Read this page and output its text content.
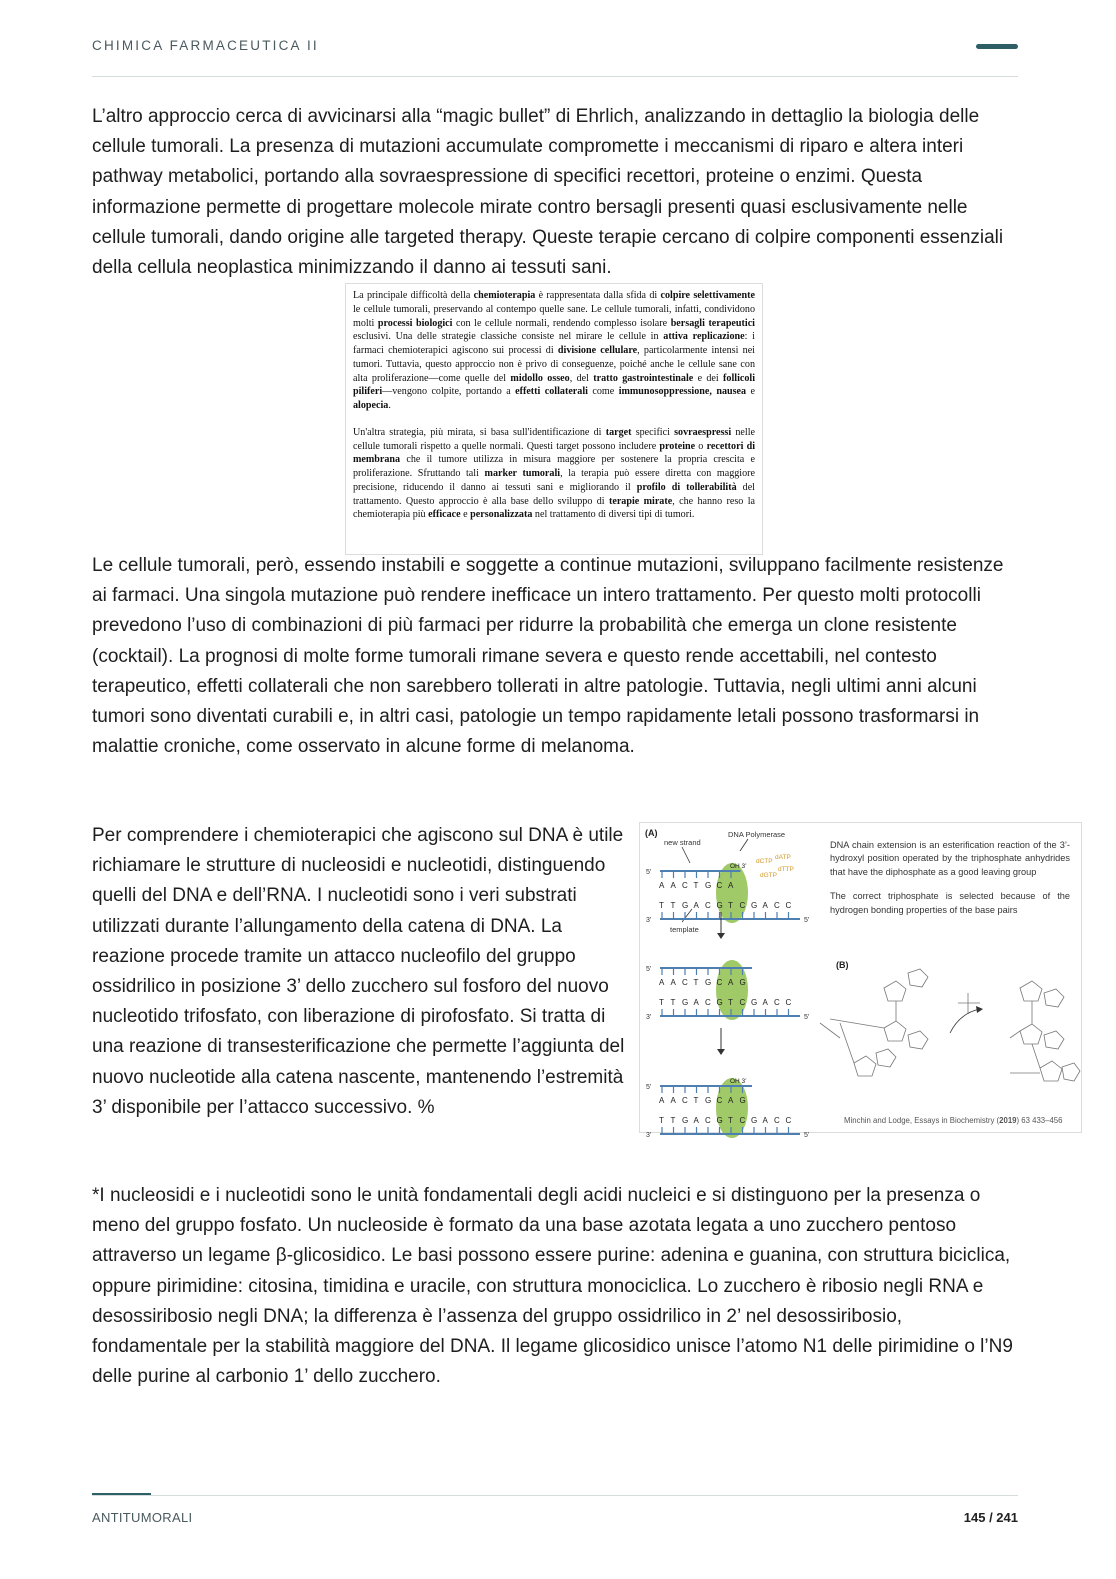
CHIMICA FARMACEUTICA II

L’altro approccio cerca di avvicinarsi alla “magic bullet” di Ehrlich, analizzando in dettaglio la biologia delle cellule tumorali. La presenza di mutazioni accumulate compromette i meccanismi di riparo e altera interi pathway metabolici, portando alla sovraespressione di specifici recettori, proteine o enzimi. Questa informazione permette di progettare molecole mirate contro bersagli presenti quasi esclusivamente nelle cellule tumorali, dando origine alle targeted therapy. Queste terapie cercano di colpire componenti essenziali della cellula neoplastica minimizzando il danno ai tessuti sani.

La principale difficoltà della chemioterapia è rappresentata dalla sfida di colpire selettivamente le cellule tumorali, preservando al contempo quelle sane. Le cellule tumorali, infatti, condividono molti processi biologici con le cellule normali, rendendo complesso isolare bersagli terapeutici esclusivi. Una delle strategie classiche consiste nel mirare le cellule in attiva replicazione: i farmaci chemioterapici agiscono sui processi di divisione cellulare, particolarmente intensi nei tumori. Tuttavia, questo approccio non è privo di conseguenze, poiché anche le cellule sane con alta proliferazione—come quelle del midollo osseo, del tratto gastrointestinale e dei follicoli piliferi—vengono colpite, portando a effetti collaterali come immunosoppressione, nausea e alopecia.

Un'altra strategia, più mirata, si basa sull'identificazione di target specifici sovraespressi nelle cellule tumorali rispetto a quelle normali. Questi target possono includere proteine o recettori di membrana che il tumore utilizza in misura maggiore per sostenere la propria crescita e proliferazione. Sfruttando tali marker tumorali, la terapia può essere diretta con maggiore precisione, riducendo il danno ai tessuti sani e migliorando il profilo di tollerabilità del trattamento. Questo approccio è alla base dello sviluppo di terapie mirate, che hanno reso la chemioterapia più efficace e personalizzata nel trattamento di diversi tipi di tumori.

Le cellule tumorali, però, essendo instabili e soggette a continue mutazioni, sviluppano facilmente resistenze ai farmaci. Una singola mutazione può rendere inefficace un intero trattamento. Per questo molti protocolli prevedono l’uso di combinazioni di più farmaci per ridurre la probabilità che emerga un clone resistente (cocktail). La prognosi di molte forme tumorali rimane severa e questo rende accettabili, nel contesto terapeutico, effetti collaterali che non sarebbero tollerati in altre patologie. Tuttavia, negli ultimi anni alcuni tumori sono diventati curabili e, in altri casi, patologie un tempo rapidamente letali possono trasformarsi in malattie croniche, come osservato in alcune forme di melanoma.

Per comprendere i chemioterapici che agiscono sul DNA è utile richiamare le strutture di nucleosidi e nucleotidi, distinguendo quelli del DNA e dell’RNA. I nucleotidi sono i veri substrati utilizzati durante l’allungamento della catena di DNA. La reazione procede tramite un attacco nucleofilo del gruppo ossidrilico in posizione 3’ dello zucchero sul fosforo del nuovo nucleotido trifosfato, con liberazione di pirofosfato. Si tratta di una reazione di transesterificazione che permette l’aggiunta del nuovo nucleotide alla catena nascente, mantenendo l’estremità 3’ disponibile per l’attacco successivo. %

(A)
new strand
DNA Polymerase
template
dATP
dCTP
dTTP
dGTP
A A C T G C A
T T G A C G T C G A C C
5'
3'	5'
OH 3’
A A C T G C A G
T T G A C G T C G A C C
5'
3'	5'
A A C T G C A G
T T G A C G T C G A C C
5'
3'	5'
OH 3’
(B)

DNA chain extension is an esterification reaction of the 3’-hydroxyl position operated by the triphosphate anhydrides that have the diphosphate as a good leaving group

The correct triphosphate is selected because of the hydrogen bonding properties of the base pairs

Minchin and Lodge, Essays in Biochemistry (2019) 63 433–456

*I nucleosidi e i nucleotidi sono le unità fondamentali degli acidi nucleici e si distinguono per la presenza o meno del gruppo fosfato. Un nucleoside è formato da una base azotata legata a uno zucchero pentoso attraverso un legame β-glicosidico. Le basi possono essere purine: adenina e guanina, con struttura biciclica, oppure pirimidine: citosina, timidina e uracile, con struttura monociclica. Lo zucchero è ribosio negli RNA e desossiribosio negli DNA; la differenza è l’assenza del gruppo ossidrilico in 2’ nel desossiribosio, fondamentale per la stabilità maggiore del DNA. Il legame glicosidico unisce l’atomo N1 delle pirimidine o l’N9 delle purine al carbonio 1’ dello zucchero.

ANTITUMORALI	145 / 241
